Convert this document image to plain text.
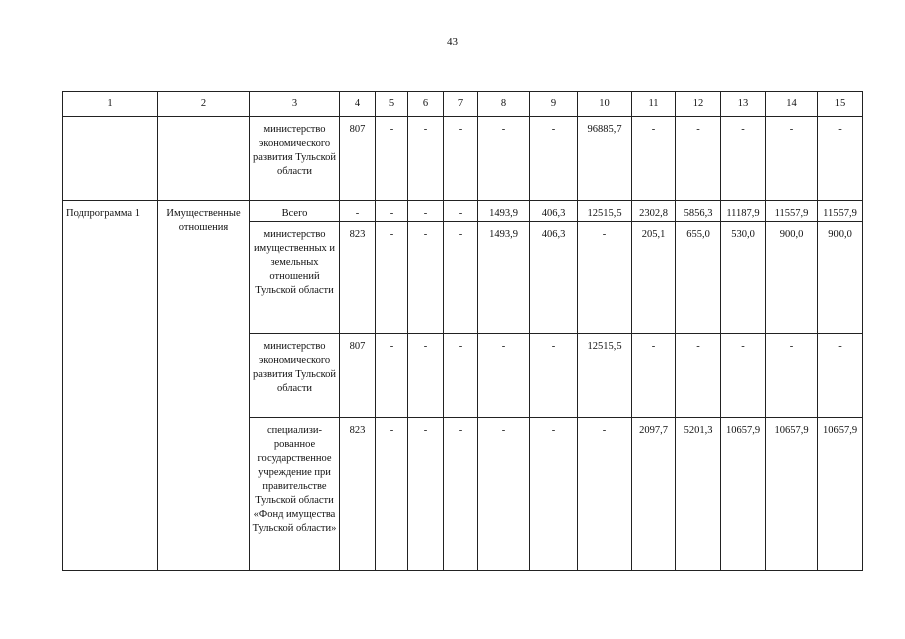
43
1	2	3	4	5	6	7	8	9	10	11	12	13	14	15

		министерство экономического развития Тульской области	807	-	-	-	-	-	96885,7	-	-	-	-	-

Подпрограмма 1	Имущественные отношения	Всего	-	-	-	-	1493,9	406,3	12515,5	2302,8	5856,3	11187,9	11557,9	11557,9

		министерство имущественных и земельных отношений Тульской области	823	-	-	-	1493,9	406,3	-	205,1	655,0	530,0	900,0	900,0

		министерство экономического развития Тульской области	807	-	-	-	-	-	12515,5	-	-	-	-	-

		специализи-рованное государственное учреждение при правительстве Тульской области «Фонд имущества Тульской области»	823	-	-	-	-	-	-	2097,7	5201,3	10657,9	10657,9	10657,9
